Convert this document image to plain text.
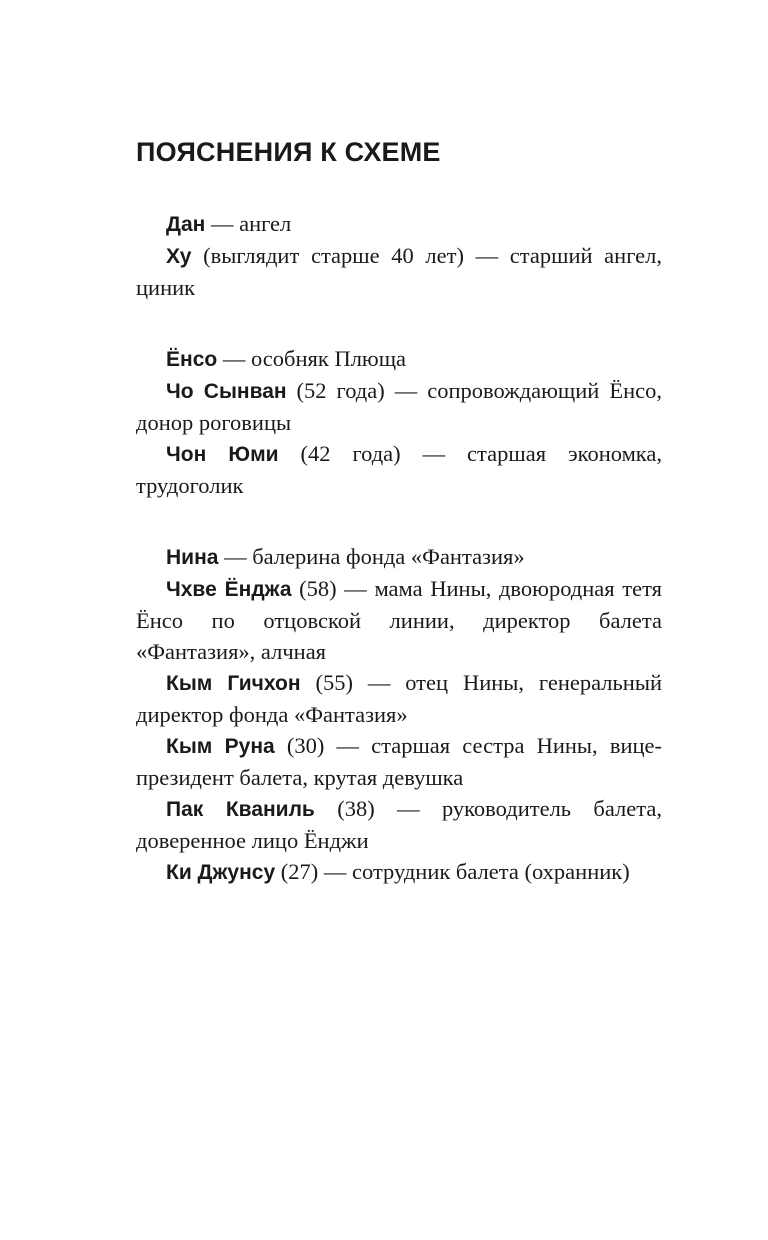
ПОЯСНЕНИЯ К СХЕМЕ

Дан — ангел

Ху (выглядит старше 40 лет) — старший ангел, циник

Ёнсо — особняк Плюща

Чо Сынван (52 года) — сопровождающий Ёнсо, донор роговицы

Чон Юми (42 года) — старшая экономка, трудоголик

Нина — балерина фонда «Фантазия»

Чхве Ёнджа (58) — мама Нины, двоюродная тетя Ёнсо по отцовской линии, директор балета «Фантазия», алчная

Кым Гичхон (55) — отец Нины, генеральный директор фонда «Фантазия»

Кым Руна (30) — старшая сестра Нины, вице-президент балета, крутая девушка

Пак Кваниль (38) — руководитель балета, доверенное лицо Ёнджи

Ки Джунсу (27) — сотрудник балета (охранник)
